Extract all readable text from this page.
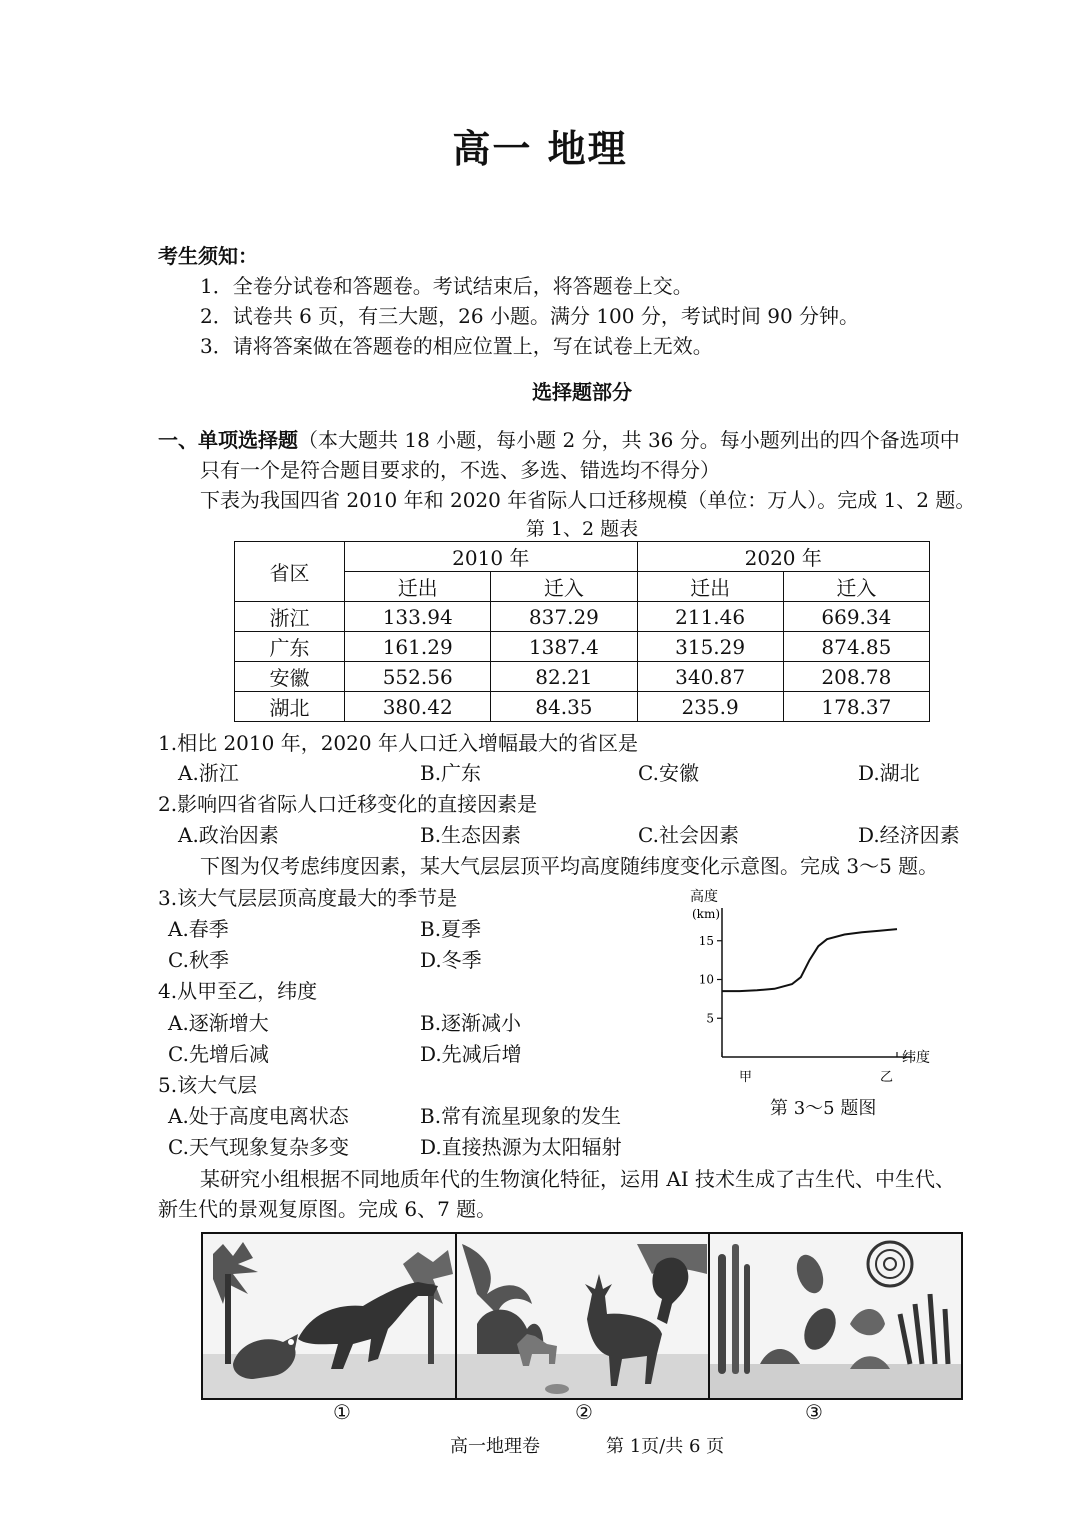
高一 地理
考生须知：
1．全卷分试卷和答题卷。考试结束后，将答题卷上交。
2．试卷共 6 页，有三大题，26 小题。满分 100 分，考试时间 90 分钟。
3．请将答案做在答题卷的相应位置上，写在试卷上无效。
选择题部分
一、单项选择题（本大题共 18 小题，每小题 2 分，共 36 分。每小题列出的四个备选项中
只有一个是符合题目要求的，不选、多选、错选均不得分）
下表为我国四省 2010 年和 2020 年省际人口迁移规模（单位：万人）。完成 1、2 题。
第 1、2 题表
省区	2010 年		2020 年	
	迁出	迁入	迁出	迁入
浙江	133.94	837.29	211.46	669.34
广东	161.29	1387.4	315.29	874.85
安徽	552.56	82.21	340.87	208.78
湖北	380.42	84.35	235.9	178.37
1.相比 2010 年，2020 年人口迁入增幅最大的省区是
A.浙江	B.广东	C.安徽	D.湖北
2.影响四省省际人口迁移变化的直接因素是
A.政治因素	B.生态因素	C.社会因素	D.经济因素
下图为仅考虑纬度因素，某大气层层顶平均高度随纬度变化示意图。完成 3～5 题。
3.该大气层层顶高度最大的季节是
A.春季	B.夏季
C.秋季	D.冬季
4.从甲至乙，纬度
A.逐渐增大	B.逐渐减小
C.先增后减	D.先减后增
5.该大气层
A.处于高度电离状态	B.常有流星现象的发生
C.天气现象复杂多变	D.直接热源为太阳辐射
高度
(km)
5
10
15
纬度
甲	乙
第 3～5 题图
某研究小组根据不同地质年代的生物演化特征，运用 AI 技术生成了古生代、中生代、
新生代的景观复原图。完成 6、7 题。
①	②	③
高一地理卷	第 1页/共 6 页
